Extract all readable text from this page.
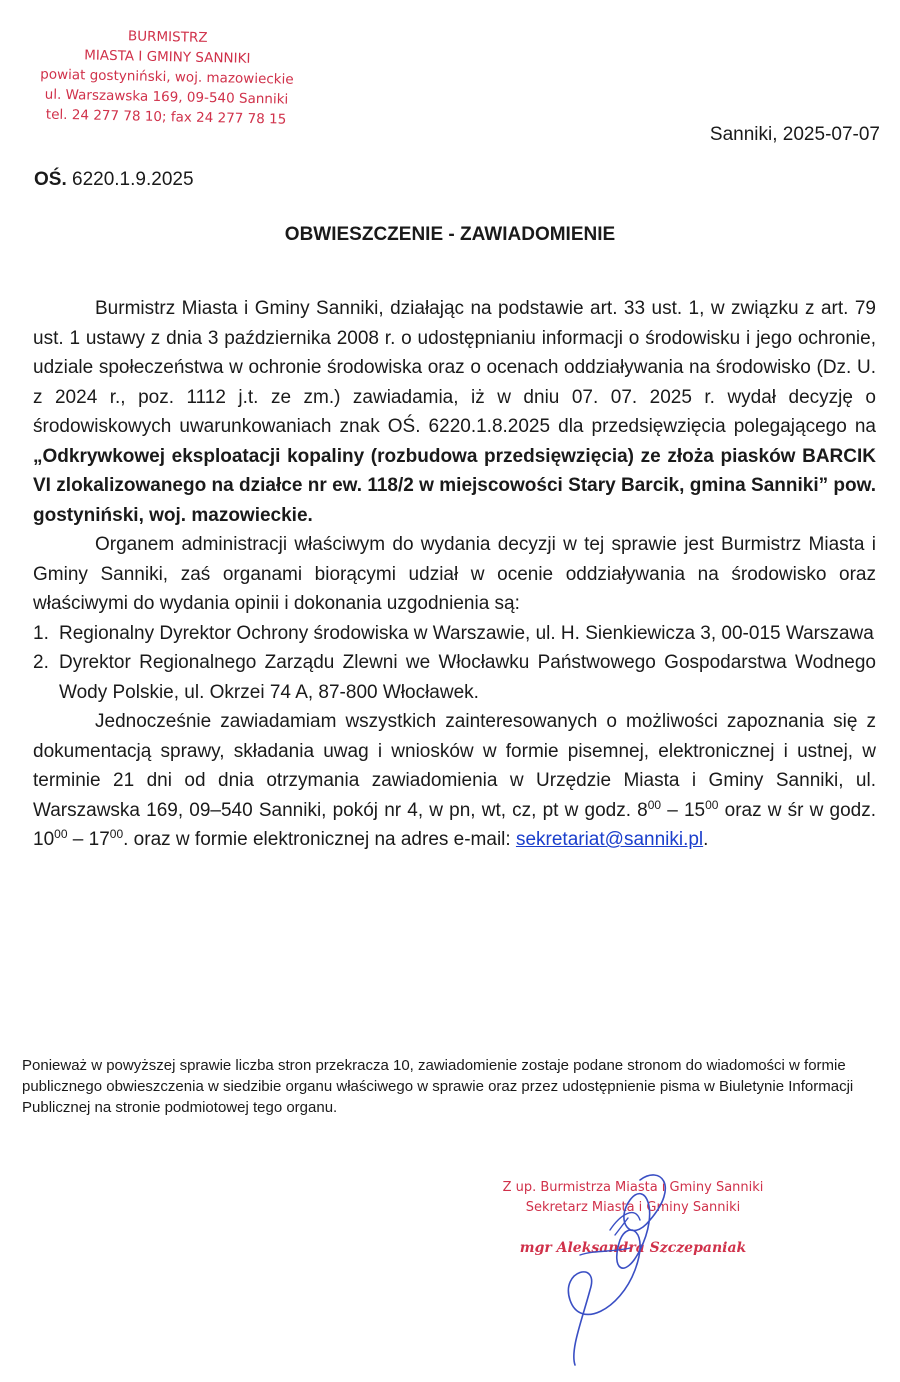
BURMISTRZ
MIASTA I GMINY SANNIKI
powiat gostyniński, woj. mazowieckie
ul. Warszawska 169, 09-540 Sanniki
tel. 24 277 78 10; fax 24 277 78 15
Sanniki, 2025-07-07
OŚ. 6220.1.9.2025
OBWIESZCZENIE - ZAWIADOMIENIE

Burmistrz Miasta i Gminy Sanniki, działając na podstawie art. 33 ust. 1, w związku z art. 79 ust. 1 ustawy z dnia 3 października 2008 r. o udostępnianiu informacji o środowisku i jego ochronie, udziale społeczeństwa w ochronie środowiska oraz o ocenach oddziaływania na środowisko (Dz. U. z 2024 r., poz. 1112 j.t. ze zm.) zawiadamia, iż w dniu 07. 07. 2025 r. wydał decyzję o środowiskowych uwarunkowaniach znak OŚ. 6220.1.8.2025 dla przedsięwzięcia polegającego na „Odkrywkowej eksploatacji kopaliny (rozbudowa przedsięwzięcia) ze złoża piasków BARCIK VI zlokalizowanego na działce nr ew. 118/2 w miejscowości Stary Barcik, gmina Sanniki” pow. gostyniński, woj. mazowieckie.

Organem administracji właściwym do wydania decyzji w tej sprawie jest Burmistrz Miasta i Gminy Sanniki, zaś organami biorącymi udział w ocenie oddziaływania na środowisko oraz właściwymi do wydania opinii i dokonania uzgodnienia są:

1. Regionalny Dyrektor Ochrony środowiska w Warszawie, ul. H. Sienkiewicza 3, 00-015 Warszawa
2. Dyrektor Regionalnego Zarządu Zlewni we Włocławku Państwowego Gospodarstwa Wodnego Wody Polskie, ul. Okrzei 74 A, 87-800 Włocławek.

Jednocześnie zawiadamiam wszystkich zainteresowanych o możliwości zapoznania się z dokumentacją sprawy, składania uwag i wniosków w formie pisemnej, elektronicznej i ustnej, w terminie 21 dni od dnia otrzymania zawiadomienia w Urzędzie Miasta i Gminy Sanniki, ul. Warszawska 169, 09–540 Sanniki, pokój nr 4, w pn, wt, cz, pt w godz. $8^{00} - 15^{00}$ oraz w śr w godz. $10^{00} - 17^{00}$. oraz w formie elektronicznej na adres e-mail: sekretariat@sanniki.pl.

Ponieważ w powyższej sprawie liczba stron przekracza 10, zawiadomienie zostaje podane stronom do wiadomości w formie publicznego obwieszczenia w siedzibie organu właściwego w sprawie oraz przez udostępnienie pisma w Biuletynie Informacji Publicznej na stronie podmiotowej tego organu.
Z up. Burmistrza Miasta i Gminy Sanniki
Sekretarz Miasta i Gminy Sanniki
mgr Aleksandra Szczepaniak
